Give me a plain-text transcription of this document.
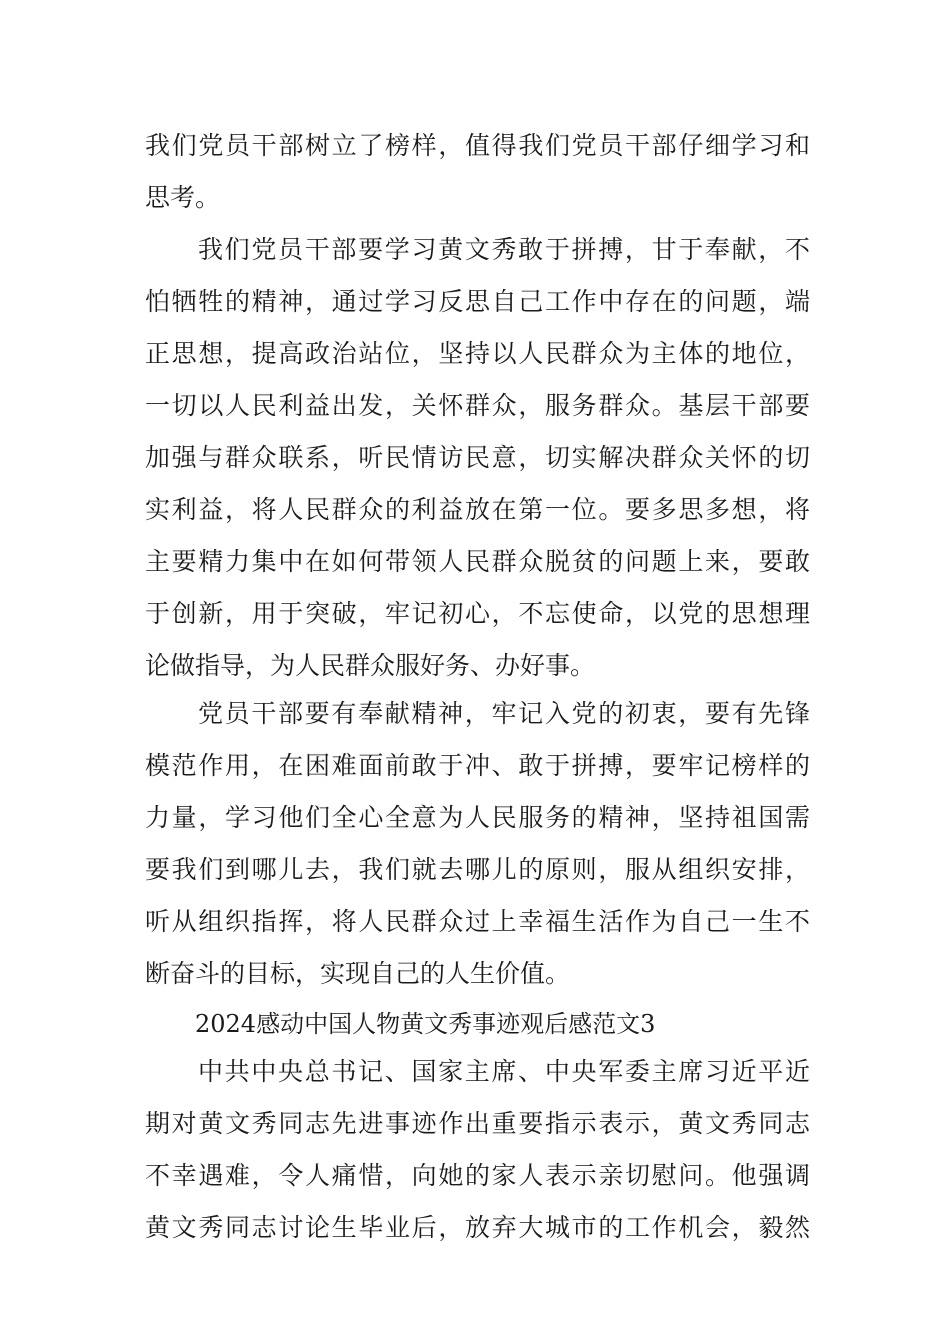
我们党员干部树立了榜样，值得我们党员干部仔细学习和
思考。
我们党员干部要学习黄文秀敢于拼搏，甘于奉献，不
怕牺牲的精神，通过学习反思自己工作中存在的问题，端
正思想，提高政治站位，坚持以人民群众为主体的地位，
一切以人民利益出发，关怀群众，服务群众。基层干部要
加强与群众联系，听民情访民意，切实解决群众关怀的切
实利益，将人民群众的利益放在第一位。要多思多想，将
主要精力集中在如何带领人民群众脱贫的问题上来，要敢
于创新，用于突破，牢记初心，不忘使命，以党的思想理
论做指导，为人民群众服好务、办好事。
党员干部要有奉献精神，牢记入党的初衷，要有先锋
模范作用，在困难面前敢于冲、敢于拼搏，要牢记榜样的
力量，学习他们全心全意为人民服务的精神，坚持祖国需
要我们到哪儿去，我们就去哪儿的原则，服从组织安排，
听从组织指挥，将人民群众过上幸福生活作为自己一生不
断奋斗的目标，实现自己的人生价值。
2024感动中国人物黄文秀事迹观后感范文3
中共中央总书记、国家主席、中央军委主席习近平近
期对黄文秀同志先进事迹作出重要指示表示，黄文秀同志
不幸遇难，令人痛惜，向她的家人表示亲切慰问。他强调
黄文秀同志讨论生毕业后，放弃大城市的工作机会，毅然
